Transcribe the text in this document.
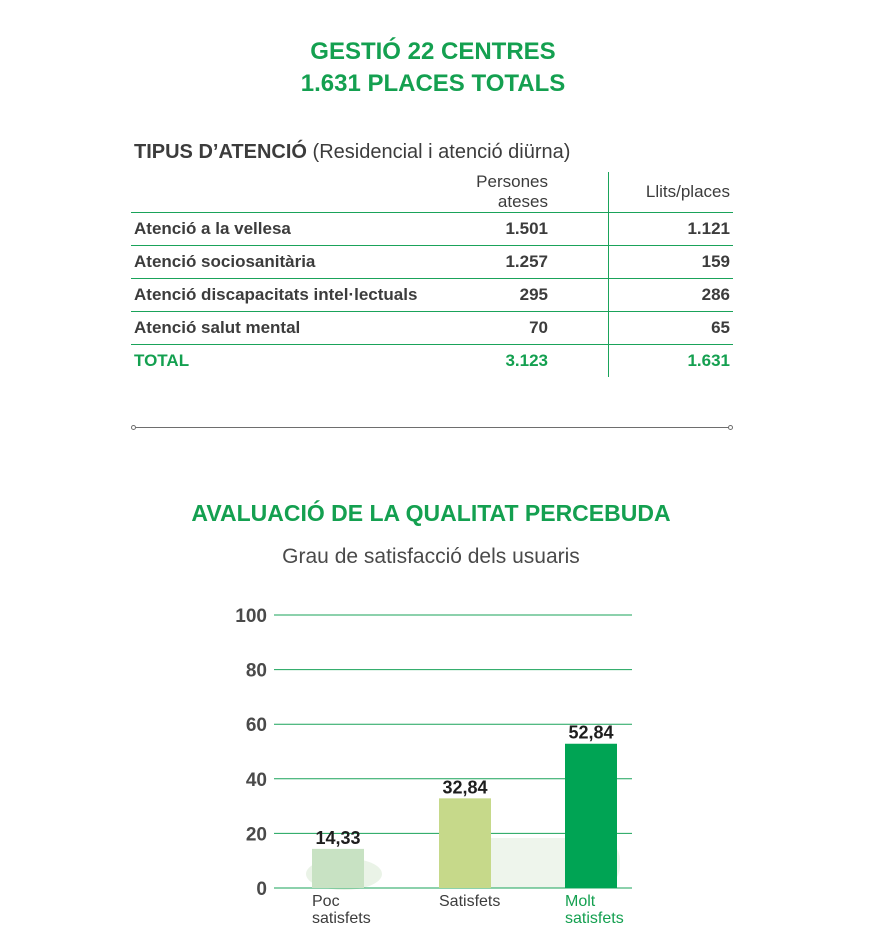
GESTIÓ 22 CENTRES
1.631 PLACES TOTALS
TIPUS D’ATENCIÓ (Residencial i atenció diürna)
	Persones ateses	Llits/places
Atenció a la vellesa	1.501	1.121
Atenció sociosanitària	1.257	159
Atenció discapacitats intel·lectuals	295	286
Atenció salut mental	70	65
TOTAL	3.123	1.631
AVALUACIÓ DE LA QUALITAT PERCEBUDA
Grau de satisfacció dels usuaris
0
20
40
60
80
100
14,33
Poc
satisfets
32,84
Satisfets
52,84
Molt
satisfets
